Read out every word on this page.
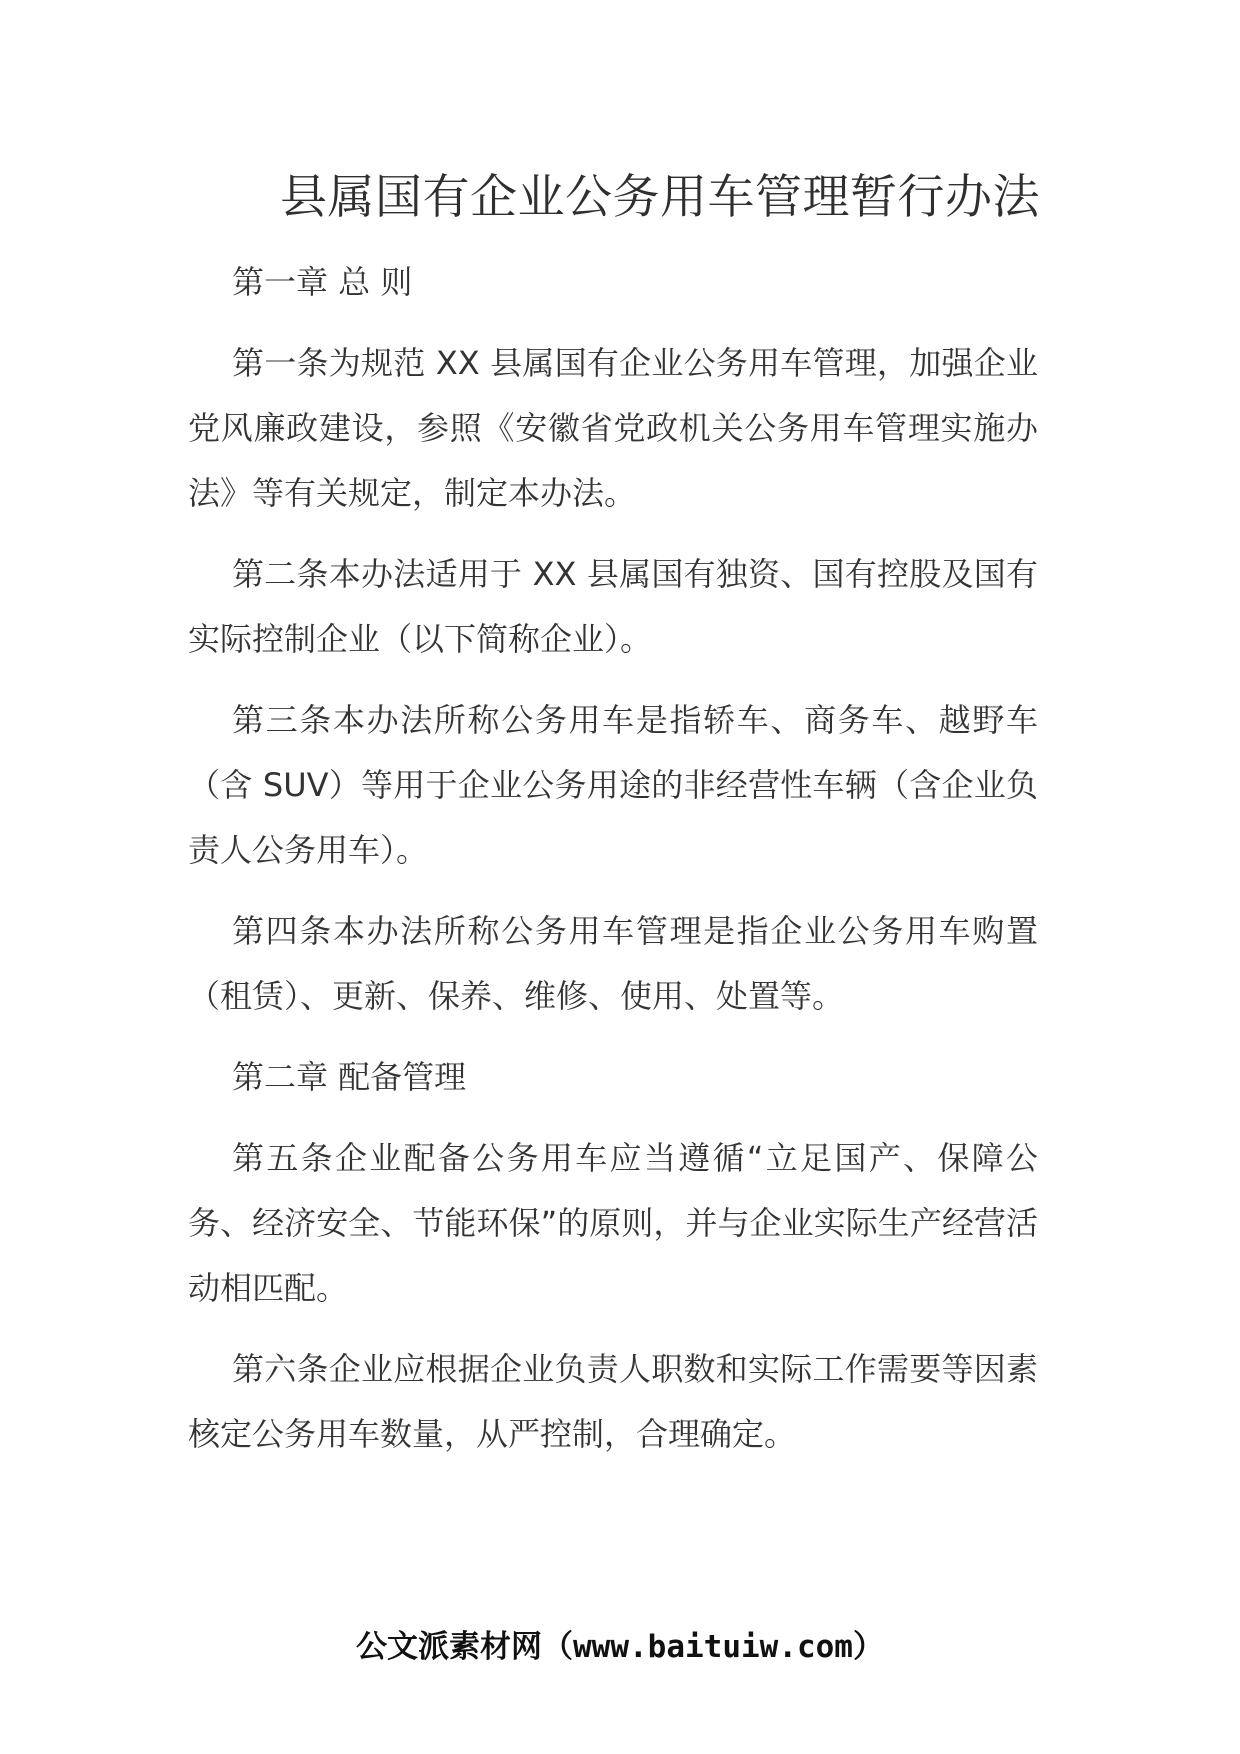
县属国有企业公务用车管理暂行办法

第一章 总 则

第一条为规范 XX 县属国有企业公务用车管理，加强企业党风廉政建设，参照《安徽省党政机关公务用车管理实施办法》等有关规定，制定本办法。

第二条本办法适用于 XX 县属国有独资、国有控股及国有实际控制企业（以下简称企业）。

第三条本办法所称公务用车是指轿车、商务车、越野车（含 SUV）等用于企业公务用途的非经营性车辆（含企业负责人公务用车）。

第四条本办法所称公务用车管理是指企业公务用车购置（租赁）、更新、保养、维修、使用、处置等。

第二章 配备管理

第五条企业配备公务用车应当遵循“立足国产、保障公务、经济安全、节能环保”的原则，并与企业实际生产经营活动相匹配。

第六条企业应根据企业负责人职数和实际工作需要等因素核定公务用车数量，从严控制，合理确定。

公文派素材网（www.baituiw.com）
